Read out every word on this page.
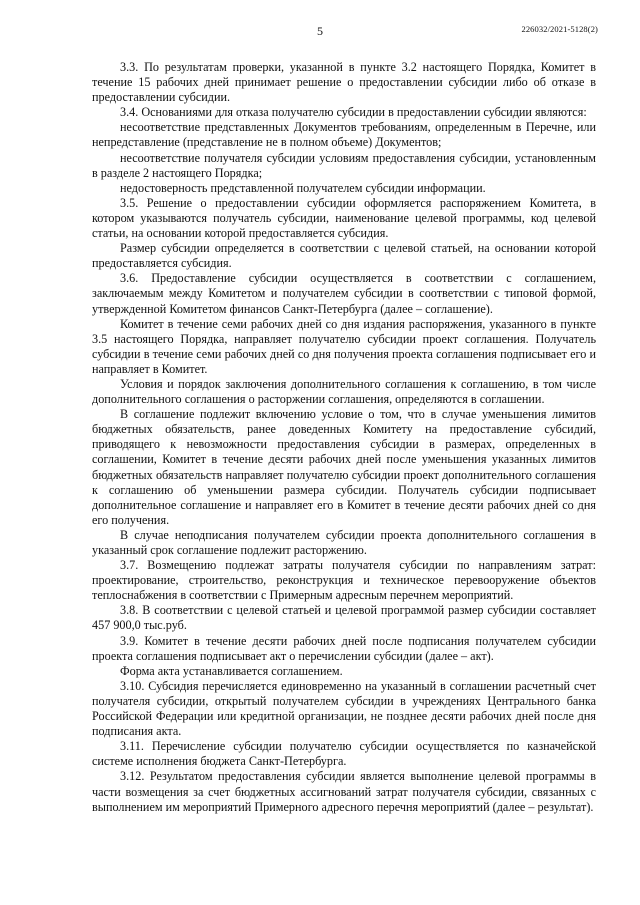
5	226032/2021-5128(2)

3.3. По результатам проверки, указанной в пункте 3.2 настоящего Порядка, Комитет в течение 15 рабочих дней принимает решение о предоставлении субсидии либо об отказе в предоставлении субсидии.

3.4. Основаниями для отказа получателю субсидии в предоставлении субсидии являются:

несоответствие представленных Документов требованиям, определенным в Перечне, или непредставление (представление не в полном объеме) Документов;

несоответствие получателя субсидии условиям предоставления субсидии, установленным в разделе 2 настоящего Порядка;

недостоверность представленной получателем субсидии информации.

3.5. Решение о предоставлении субсидии оформляется распоряжением Комитета, в котором указываются получатель субсидии, наименование целевой программы, код целевой статьи, на основании которой предоставляется субсидия.

Размер субсидии определяется в соответствии с целевой статьей, на основании которой предоставляется субсидия.

3.6. Предоставление субсидии осуществляется в соответствии с соглашением, заключаемым между Комитетом и получателем субсидии в соответствии с типовой формой, утвержденной Комитетом финансов Санкт-Петербурга (далее – соглашение).

Комитет в течение семи рабочих дней со дня издания распоряжения, указанного в пункте 3.5 настоящего Порядка, направляет получателю субсидии проект соглашения. Получатель субсидии в течение семи рабочих дней со дня получения проекта соглашения подписывает его и направляет в Комитет.

Условия и порядок заключения дополнительного соглашения к соглашению, в том числе дополнительного соглашения о расторжении соглашения, определяются в соглашении.

В соглашение подлежит включению условие о том, что в случае уменьшения лимитов бюджетных обязательств, ранее доведенных Комитету на предоставление субсидий, приводящего к невозможности предоставления субсидии в размерах, определенных в соглашении, Комитет в течение десяти рабочих дней после уменьшения указанных лимитов бюджетных обязательств направляет получателю субсидии проект дополнительного соглашения к соглашению об уменьшении размера субсидии. Получатель субсидии подписывает дополнительное соглашение и направляет его в Комитет в течение десяти рабочих дней со дня его получения.

В случае неподписания получателем субсидии проекта дополнительного соглашения в указанный срок соглашение подлежит расторжению.

3.7. Возмещению подлежат затраты получателя субсидии по направлениям затрат: проектирование, строительство, реконструкция и техническое перевооружение объектов теплоснабжения в соответствии с Примерным адресным перечнем мероприятий.

3.8. В соответствии с целевой статьей и целевой программой размер субсидии составляет 457 900,0 тыс.руб.

3.9. Комитет в течение десяти рабочих дней после подписания получателем субсидии проекта соглашения подписывает акт о перечислении субсидии (далее – акт).

Форма акта устанавливается соглашением.

3.10. Субсидия перечисляется единовременно на указанный в соглашении расчетный счет получателя субсидии, открытый получателем субсидии в учреждениях Центрального банка Российской Федерации или кредитной организации, не позднее десяти рабочих дней после дня подписания акта.

3.11. Перечисление субсидии получателю субсидии осуществляется по казначейской системе исполнения бюджета Санкт-Петербурга.

3.12. Результатом предоставления субсидии является выполнение целевой программы в части возмещения за счет бюджетных ассигнований затрат получателя субсидии, связанных с выполнением им мероприятий Примерного адресного перечня мероприятий (далее – результат).
